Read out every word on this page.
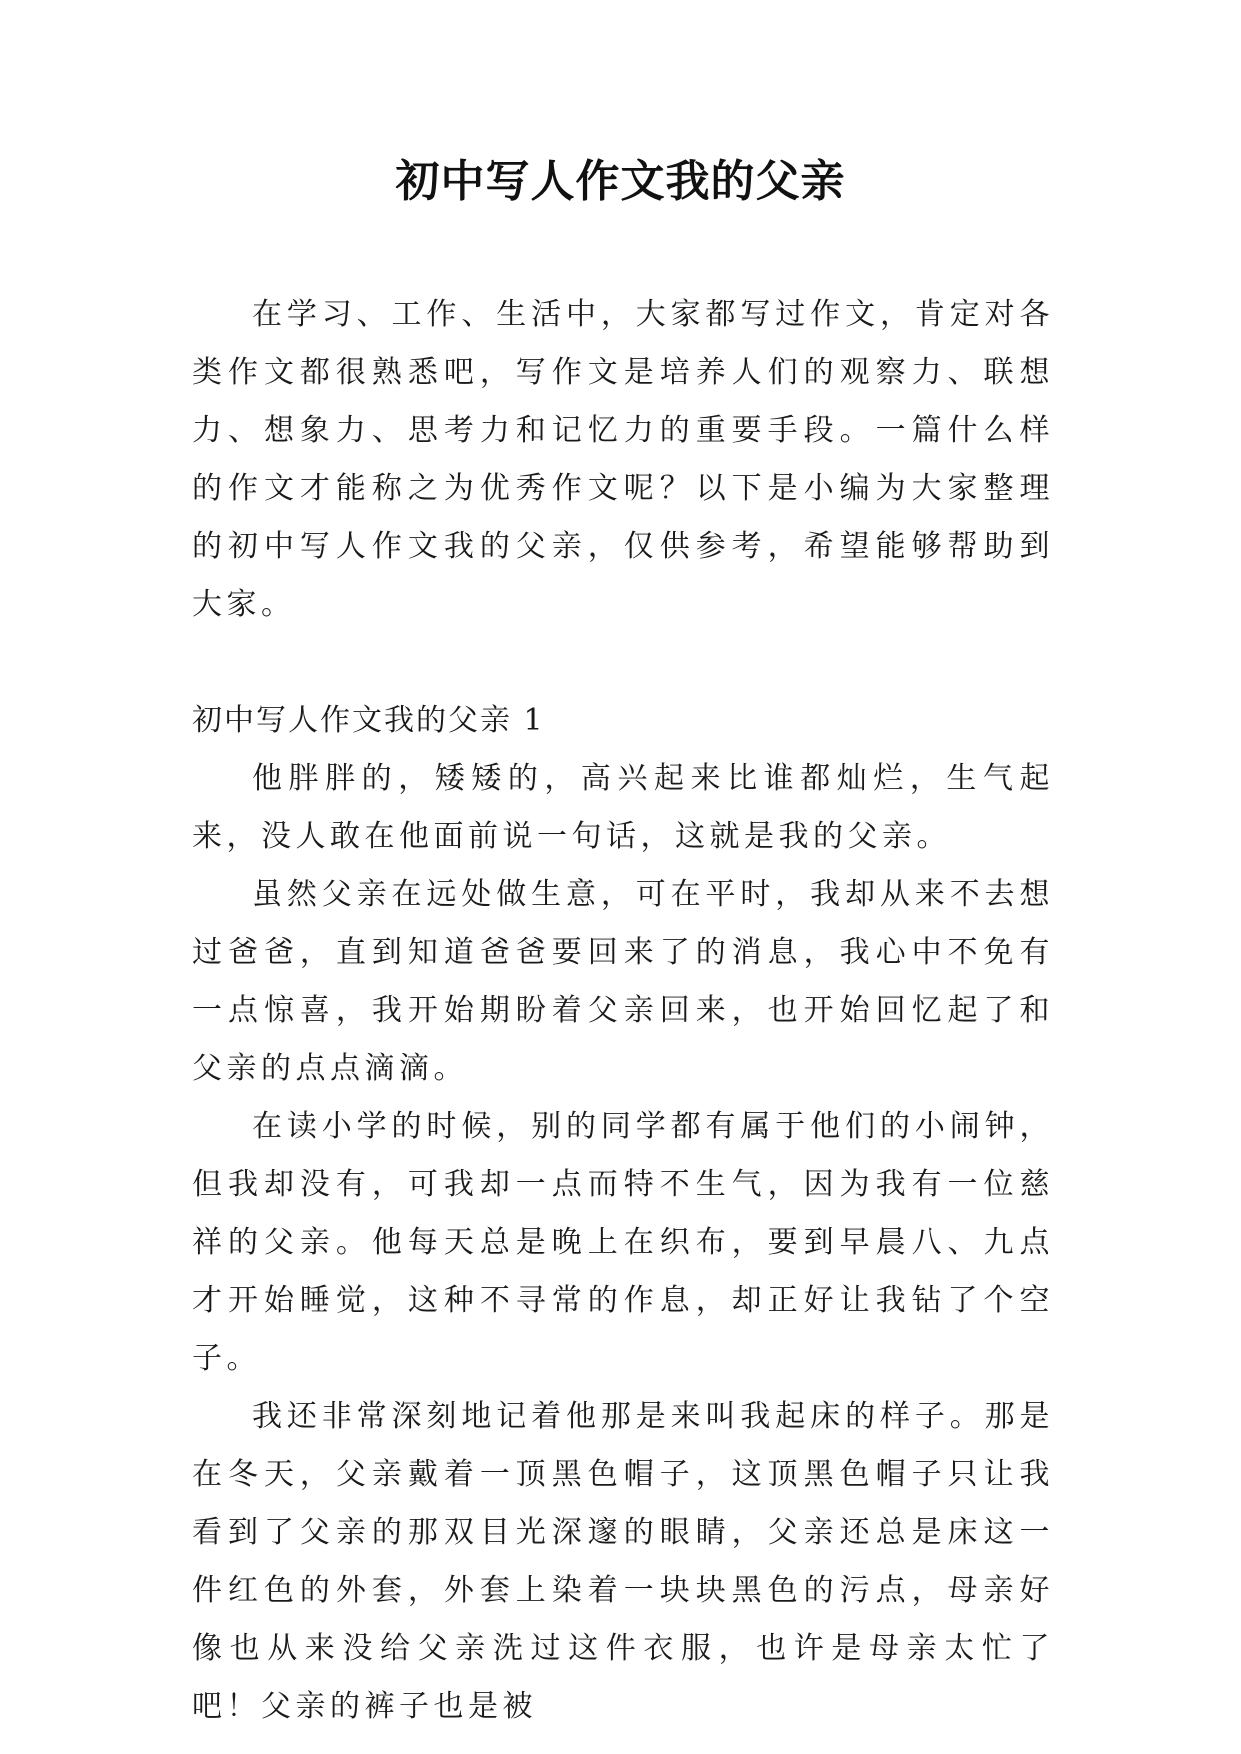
初中写人作文我的父亲

在学习、工作、生活中，大家都写过作文，肯定对各类作文都很熟悉吧，写作文是培养人们的观察力、联想力、想象力、思考力和记忆力的重要手段。一篇什么样的作文才能称之为优秀作文呢？以下是小编为大家整理的初中写人作文我的父亲，仅供参考，希望能够帮助到大家。

初中写人作文我的父亲 1

他胖胖的，矮矮的，高兴起来比谁都灿烂，生气起来，没人敢在他面前说一句话，这就是我的父亲。

虽然父亲在远处做生意，可在平时，我却从来不去想过爸爸，直到知道爸爸要回来了的消息，我心中不免有一点惊喜，我开始期盼着父亲回来，也开始回忆起了和父亲的点点滴滴。

在读小学的时候，别的同学都有属于他们的小闹钟，但我却没有，可我却一点而特不生气，因为我有一位慈祥的父亲。他每天总是晚上在织布，要到早晨八、九点才开始睡觉，这种不寻常的作息，却正好让我钻了个空子。

我还非常深刻地记着他那是来叫我起床的样子。那是在冬天，父亲戴着一顶黑色帽子，这顶黑色帽子只让我看到了父亲的那双目光深邃的眼睛，父亲还总是床这一件红色的外套，外套上染着一块块黑色的污点，母亲好像也从来没给父亲洗过这件衣服，也许是母亲太忙了吧！父亲的裤子也是被
